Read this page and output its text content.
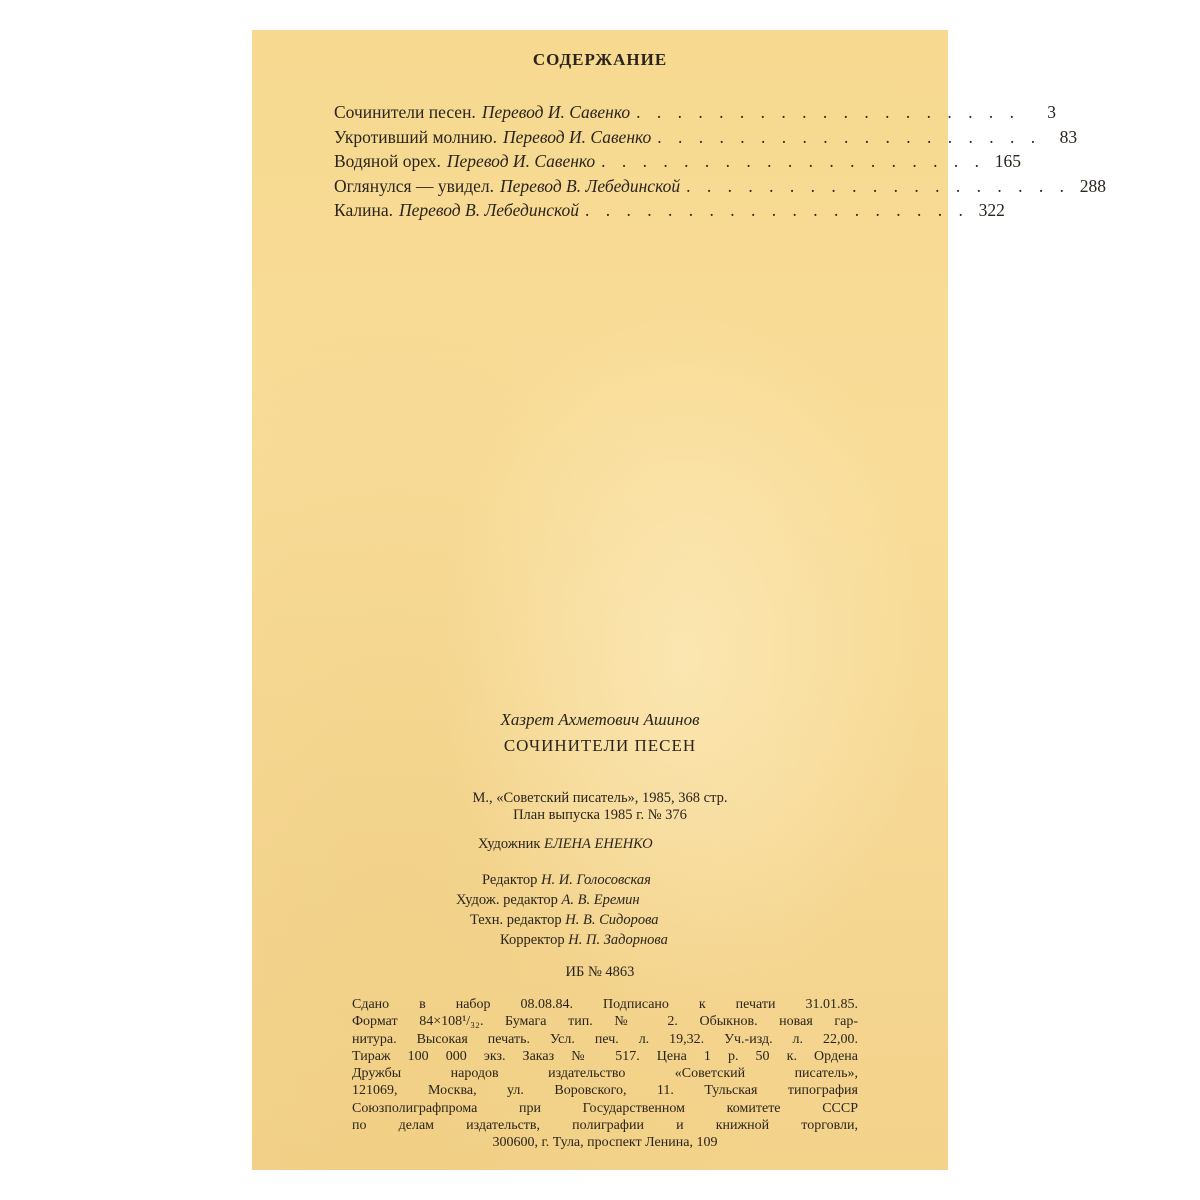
СОДЕРЖАНИЕ
Сочинители песен. Перевод И. Савенко . . . . . . . . . . . . . . . . . . .	3
Укротивший молнию. Перевод И. Савенко . . . . . . . . . . . . . . . . . . .	83
Водяной орех. Перевод И. Савенко . . . . . . . . . . . . . . . . . . . 165
Оглянулся — увидел. Перевод В. Лебединской . . . . . . . . . . . . . . . . . . . 288
Калина. Перевод В. Лебединской . . . . . . . . . . . . . . . . . . . 322
Хазрет Ахметович Ашинов
СОЧИНИТЕЛИ ПЕСЕН
М., «Советский писатель», 1985, 368 стр.
План выпуска 1985 г. № 376
Художник ЕЛЕНА ЕНЕНКО
Редактор Н. И. Голосовская
Худож. редактор А. В. Еремин
Техн. редактор Н. В. Сидорова
Корректор Н. П. Задорнова
ИБ № 4863
Сдано в набор 08.08.84. Подписано к печати 31.01.85.
Формат 84×108¹/₃₂. Бумага тип. № 2. Обыкнов. новая гар-
нитура. Высокая печать. Усл. печ. л. 19,32. Уч.-изд. л. 22,00.
Тираж 100 000 экз. Заказ № 517. Цена 1 р. 50 к. Ордена
Дружбы народов издательство «Советский писатель»,
121069, Москва, ул. Воровского, 11. Тульская типография
Союзполиграфпрома при Государственном комитете СССР
по делам издательств, полиграфии и книжной торговли,
300600, г. Тула, проспект Ленина, 109
